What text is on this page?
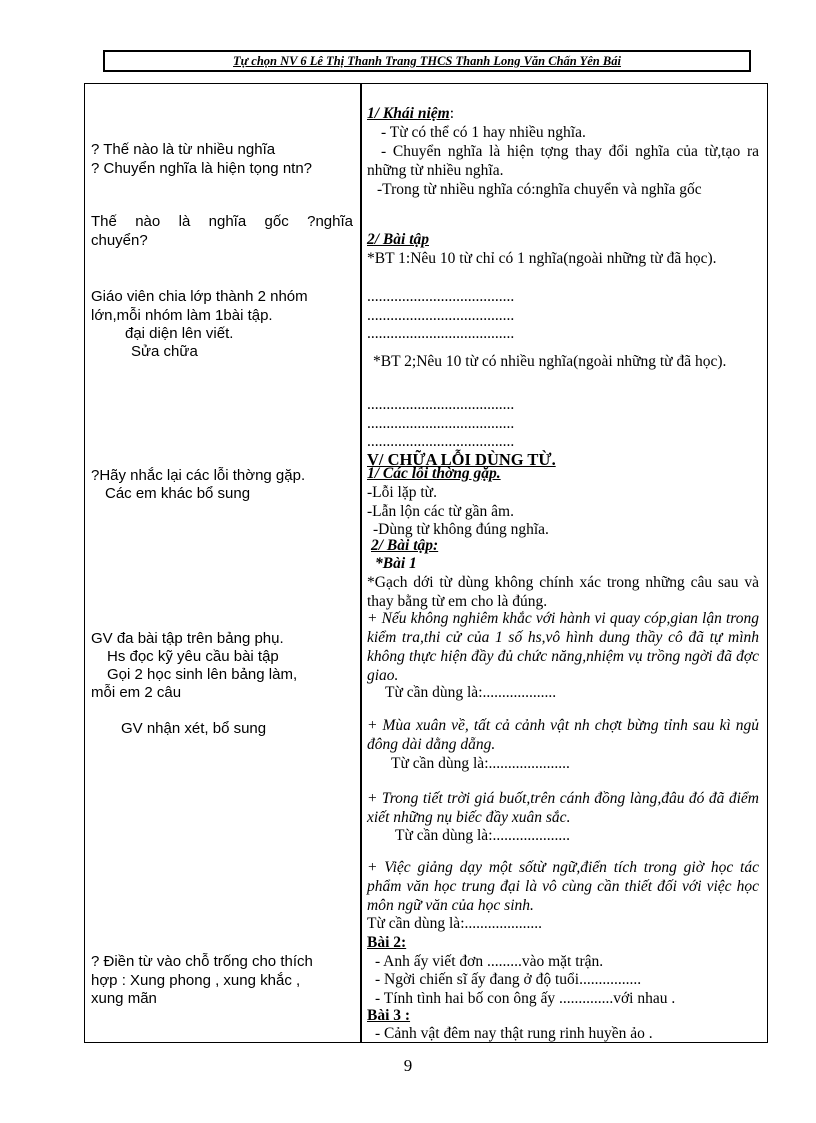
Tự chọn NV 6 Lê Thị Thanh Trang THCS Thanh Long Văn Chấn Yên Bái
? Thế nào là từ nhiều nghĩa
? Chuyển nghĩa là hiện tọng ntn?
Thế nào là nghĩa gốc ?nghĩa
chuyển?
Giáo viên chia lớp thành 2 nhóm
lớn,mỗi nhóm làm 1bài tập.
đại diện lên viết.
Sửa chữa
?Hãy nhắc lại các lỗi thờng gặp.
Các em khác bổ sung
GV đa bài tập trên bảng phụ.
Hs đọc kỹ yêu cầu bài tập
Gọi 2 học sinh lên bảng làm,
mỗi em 2 câu
GV nhận xét, bổ sung
? Điền từ vào chỗ trống cho thích
hợp : Xung phong , xung khắc ,
xung mãn
1/ Khái niệm:
- Từ có thể có 1 hay nhiều nghĩa.
- Chuyển nghĩa là hiện tợng thay đổi nghĩa của từ,tạo ra những từ nhiều nghĩa.
-Trong từ nhiều nghĩa có:nghĩa chuyển và nghĩa gốc
2/ Bài tập
*BT 1:Nêu 10 từ chỉ có 1 nghĩa(ngoài những từ đã học).
......................................
......................................
......................................
*BT 2;Nêu 10 từ có nhiều nghĩa(ngoài những từ đã học).
......................................
......................................
......................................
V/ CHỮA LỖI DÙNG TỪ.
1/ Các lỗi thờng gặp.
-Lỗi lặp từ.
-Lẫn lộn các từ gần âm.
-Dùng từ không đúng nghĩa.
2/ Bài tập:
*Bài 1
*Gạch dới từ dùng không chính xác trong những câu sau và thay bằng từ em cho là đúng.
+ Nếu không nghiêm khắc với hành vi quay cóp,gian lận trong kiểm tra,thi cử của 1 số hs,vô hình dung thầy cô đã tự mình không thực hiện đầy đủ chức năng,nhiệm vụ trồng ngời đã đợc giao.
Từ cần dùng là:...................
+ Mùa xuân về, tất cả cảnh vật nh chợt bừng tỉnh sau kì ngủ đông dài dằng dẵng.
Từ cần dùng là:.....................
+ Trong tiết trời giá buốt,trên cánh đồng làng,đâu đó đã điểm xiết những nụ biếc đầy xuân sắc.
Từ cần dùng là:....................
+ Việc giảng dạy một sốtừ ngữ,điển tích trong giờ học tác phẩm văn học trung đại là vô cùng cần thiết đối với việc học môn ngữ văn của học sinh.
Từ cần dùng là:....................
Bài 2:
- Anh ấy viết đơn .........vào mặt trận.
- Ngời chiến sĩ ấy đang ở độ tuổi................
- Tính tình hai bố con ông ấy ..............với nhau .
Bài 3 :
- Cảnh vật đêm nay thật rung rinh huyền ảo .
9
